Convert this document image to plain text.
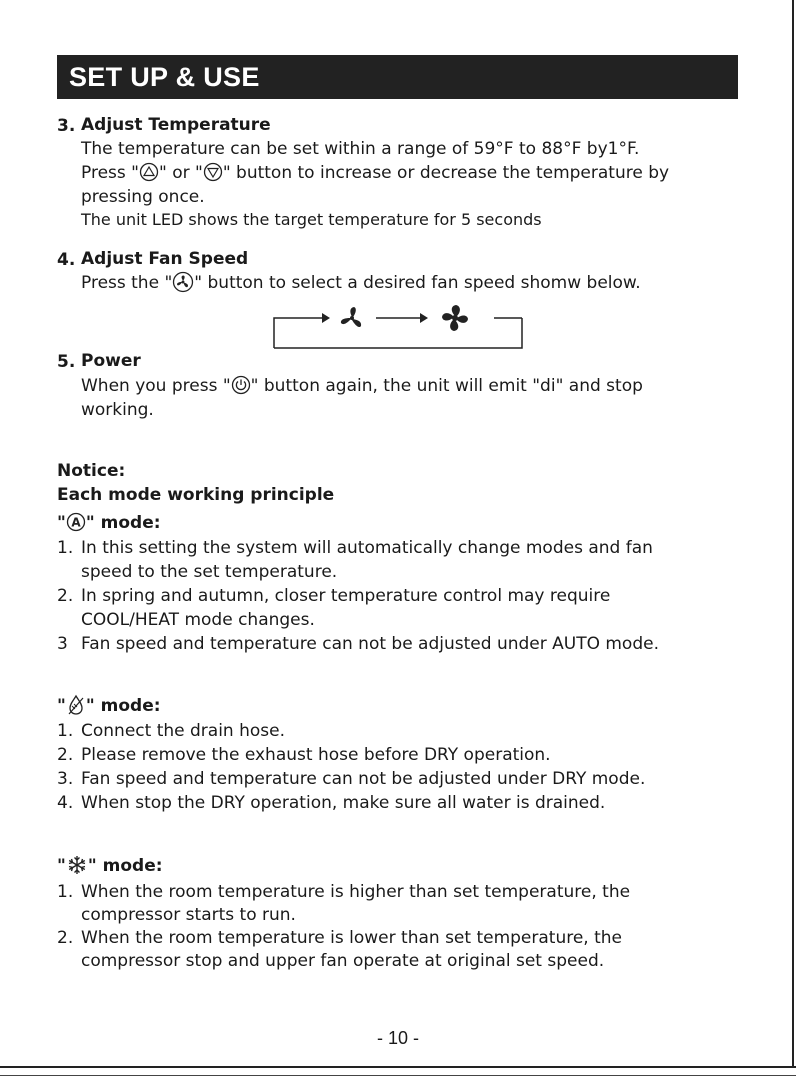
SET UP & USE
3. Adjust Temperature
The temperature can be set within a range of 59°F to 88°F by1°F.
Press " " or " " button to increase or decrease the temperature by
pressing once.
The unit LED shows the target temperature for 5 seconds
4. Adjust Fan Speed
Press the " " button to select a desired fan speed shomw below.
5. Power
When you press " " button again, the unit will emit "di" and stop
working.
Notice:
Each mode working principle
" A " mode:
1. In this setting the system will automatically change modes and fan
speed to the set temperature.
2. In spring and autumn, closer temperature control may require
COOL/HEAT mode changes.
3 Fan speed and temperature can not be adjusted under AUTO mode.
" " mode:
1. Connect the drain hose.
2. Please remove the exhaust hose before DRY operation.
3. Fan speed and temperature can not be adjusted under DRY mode.
4. When stop the DRY operation, make sure all water is drained.
" " mode:
1. When the room temperature is higher than set temperature, the
compressor starts to run.
2. When the room temperature is lower than set temperature, the
compressor stop and upper fan operate at original set speed.
- 10 -
